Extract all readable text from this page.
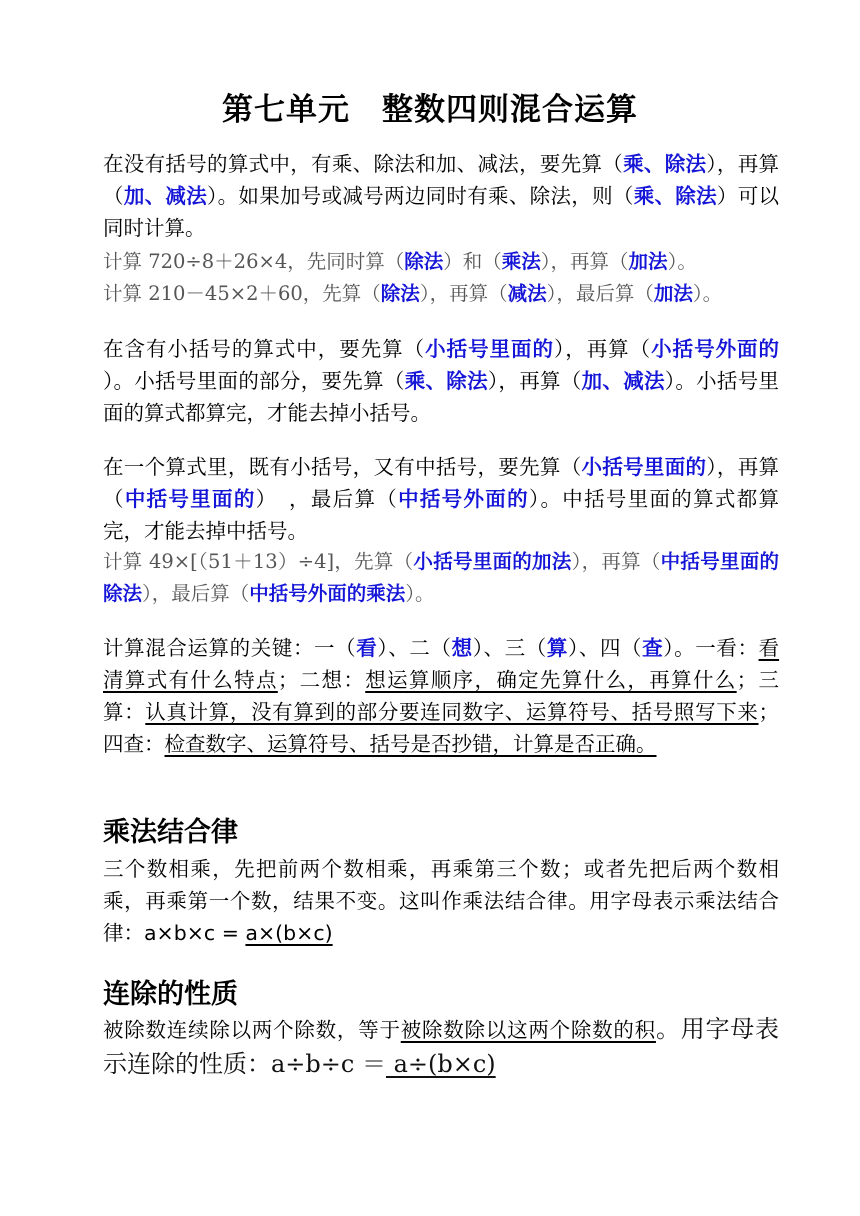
第七单元　整数四则混合运算
在没有括号的算式中，有乘、除法和加、减法，要先算（乘、除法），再算（加、减法）。如果加号或减号两边同时有乘、除法，则（乘、除法）可以同时计算。
计算 720÷8＋26×4，先同时算（除法）和（乘法），再算（加法）。
计算 210－45×2＋60，先算（除法），再算（减法），最后算（加法）。
在含有小括号的算式中，要先算（小括号里面的），再算（小括号外面的 ）。小括号里面的部分，要先算（乘、除法），再算（加、减法）。小括号里面的算式都算完，才能去掉小括号。
在一个算式里，既有小括号，又有中括号，要先算（小括号里面的），再算（中括号里面的）　，最后算（中括号外面的）。中括号里面的算式都算完，才能去掉中括号。
计算 49×[（51＋13）÷4]，先算（小括号里面的加法），再算（中括号里面的除法），最后算（中括号外面的乘法）。
计算混合运算的关键：一（看）、二（想）、三（算）、四（查）。一看：看清算式有什么特点；二想：想运算顺序，确定先算什么，再算什么；三算：认真计算，没有算到的部分要连同数字、运算符号、括号照写下来；四查：检查数字、运算符号、括号是否抄错，计算是否正确。
乘法结合律
三个数相乘，先把前两个数相乘，再乘第三个数；或者先把后两个数相乘，再乘第一个数，结果不变。这叫作乘法结合律。用字母表示乘法结合律：a×b×c = a×(b×c)
连除的性质
被除数连续除以两个除数，等于被除数除以这两个除数的积。用字母表示连除的性质：a÷b÷c ＝ a÷(b×c)
